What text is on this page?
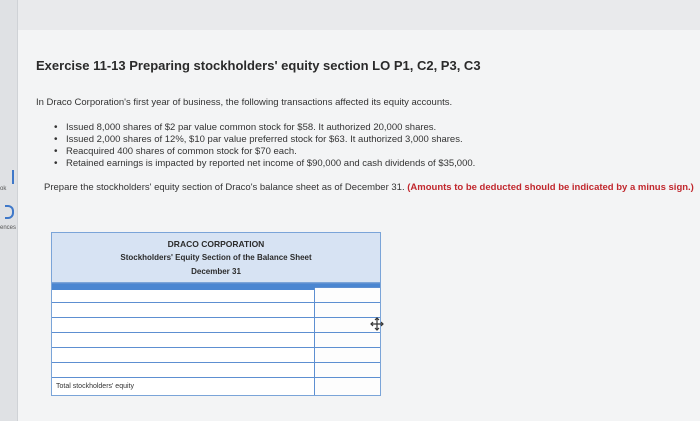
ok
ences
Exercise 11-13 Preparing stockholders' equity section LO P1, C2, P3, C3
In Draco Corporation's first year of business, the following transactions affected its equity accounts.
• Issued 8,000 shares of $2 par value common stock for $58. It authorized 20,000 shares.
• Issued 2,000 shares of 12%, $10 par value preferred stock for $63. It authorized 3,000 shares.
• Reacquired 400 shares of common stock for $70 each.
• Retained earnings is impacted by reported net income of $90,000 and cash dividends of $35,000.
Prepare the stockholders' equity section of Draco's balance sheet as of December 31. (Amounts to be deducted should be indicated by a minus sign.)
DRACO CORPORATION
Stockholders' Equity Section of the Balance Sheet
December 31
Total stockholders' equity
